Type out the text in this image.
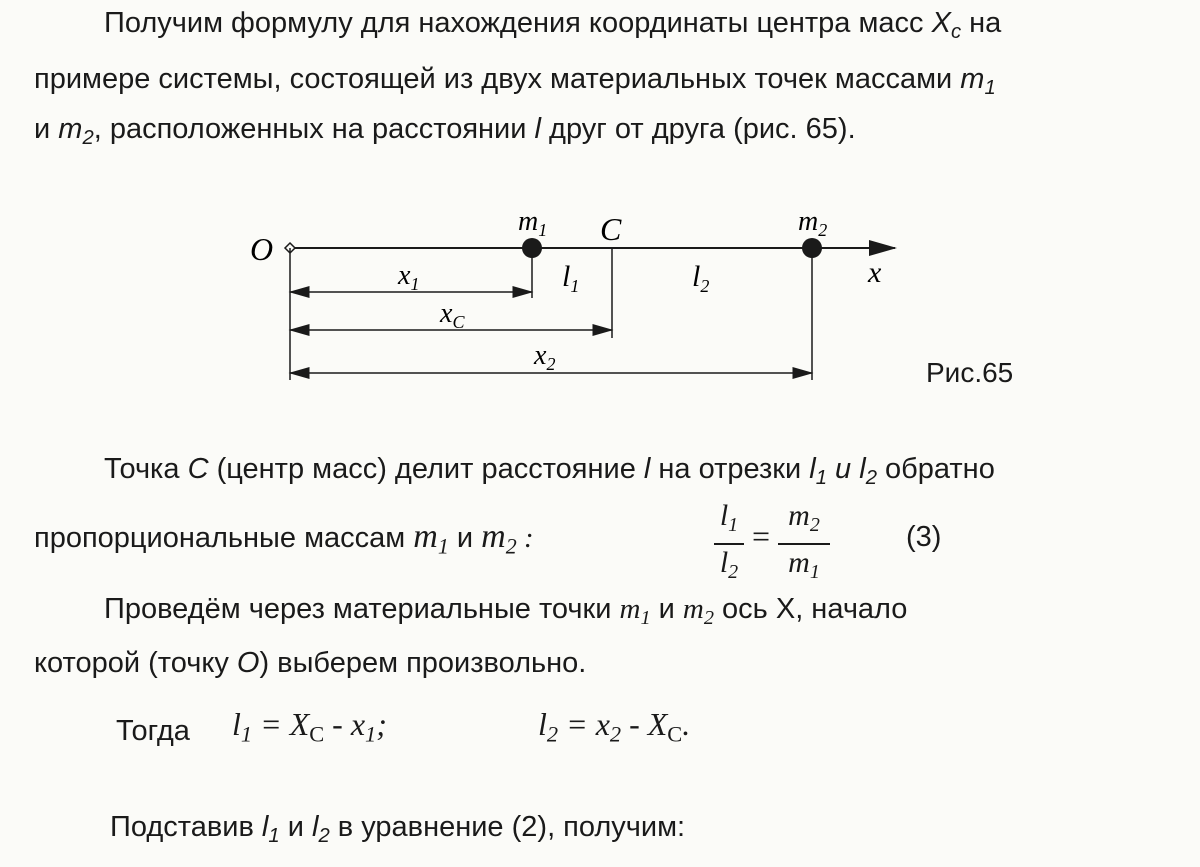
Получим формулу для нахождения координаты центра масс $X_c$ на
примере системы, состоящей из двух материальных точек массами $m_1$
и $m_2$, расположенных на расстоянии l друг от друга (рис. 65).
O
$m_1$ C	$m_2$
x
$x_1$	$l_1$	$l_2$
$x_C$
$x_2$	Рис.65
Точка C (центр масс) делит расстояние l на отрезки $l_1$ и $l_2$ обратно
пропорциональные массам $m_1$ и $m_2$ :
$l_1$
$l_2$
=
$m_2$
$m_1$
(3)
Проведём через материальные точки $m_1$ и $m_2$ ось Х, начало
которой (точку O) выберем произвольно.
Тогда $l_1 = X_C - x_1$;	$l_2 = x_2 - X_C$.
Подставив $l_1$ и $l_2$ в уравнение (2), получим:
